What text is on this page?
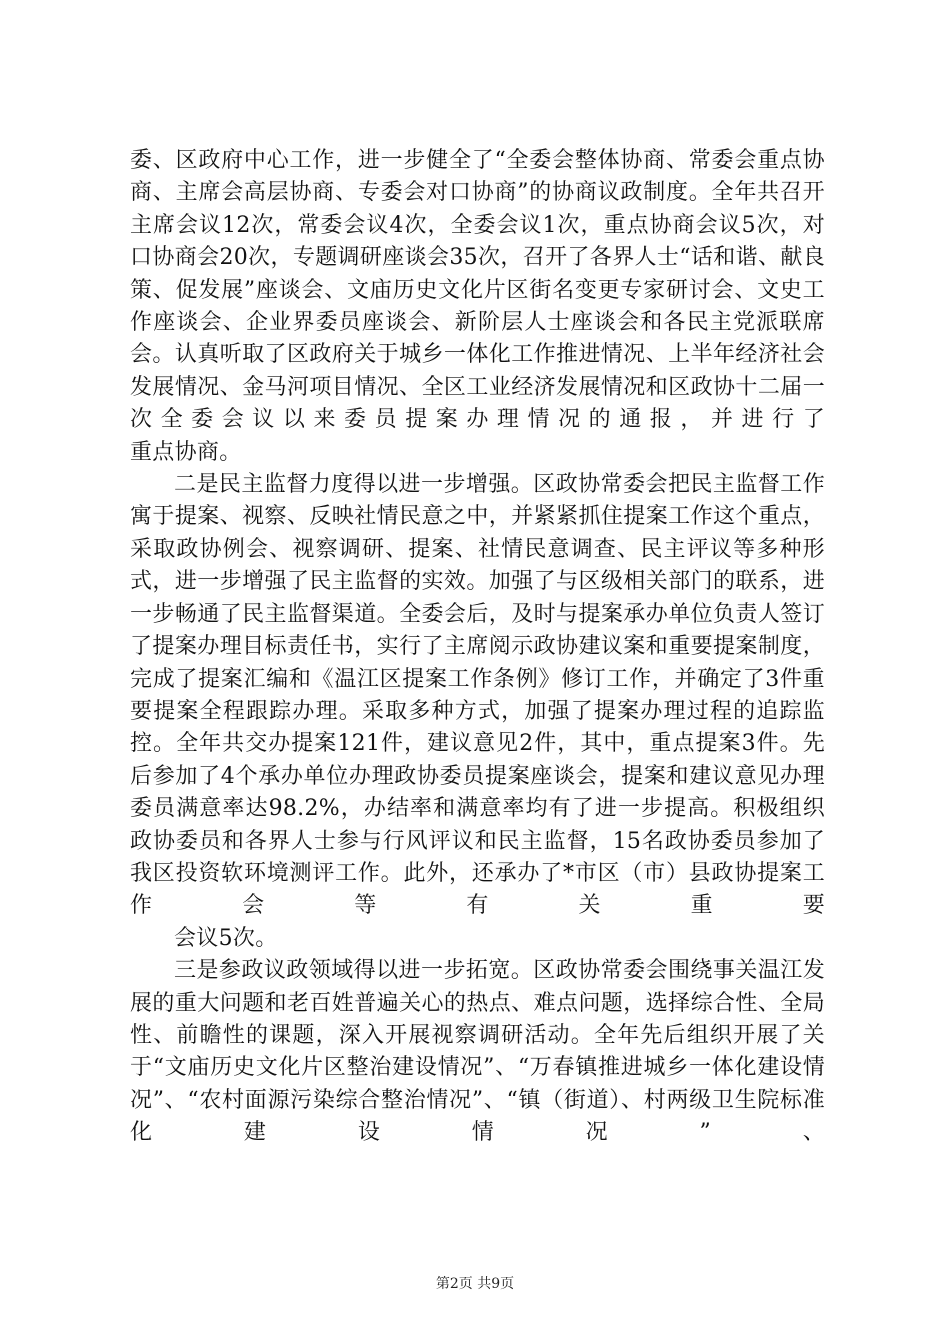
委、区政府中心工作，进一步健全了“全委会整体协商、常委会重点协商、主席会高层协商、专委会对口协商”的协商议政制度。全年共召开主席会议12次，常委会议4次，全委会议1次，重点协商会议5次，对口协商会20次，专题调研座谈会35次，召开了各界人士“话和谐、献良策、促发展”座谈会、文庙历史文化片区街名变更专家研讨会、文史工作座谈会、企业界委员座谈会、新阶层人士座谈会和各民主党派联席会。认真听取了区政府关于城乡一体化工作推进情况、上半年经济社会发展情况、金马河项目情况、全区工业经济发展情况和区政协十二届一次全委会议以来委员提案办理情况的通报，并进行了
重点协商。

二是民主监督力度得以进一步增强。区政协常委会把民主监督工作寓于提案、视察、反映社情民意之中，并紧紧抓住提案工作这个重点，采取政协例会、视察调研、提案、社情民意调查、民主评议等多种形式，进一步增强了民主监督的实效。加强了与区级相关部门的联系，进一步畅通了民主监督渠道。全委会后，及时与提案承办单位负责人签订了提案办理目标责任书，实行了主席阅示政协建议案和重要提案制度，完成了提案汇编和《温江区提案工作条例》修订工作，并确定了3件重要提案全程跟踪办理。采取多种方式，加强了提案办理过程的追踪监控。全年共交办提案121件，建议意见2件，其中，重点提案3件。先后参加了4个承办单位办理政协委员提案座谈会，提案和建议意见办理委员满意率达98.2%，办结率和满意率均有了进一步提高。积极组织政协委员和各界人士参与行风评议和民主监督，15名政协委员参加了我区投资软环境测评工作。此外，还承办了*市区（市）县政协提案工作会等有关重要
会议5次。

三是参政议政领域得以进一步拓宽。区政协常委会围绕事关温江发展的重大问题和老百姓普遍关心的热点、难点问题，选择综合性、全局性、前瞻性的课题，深入开展视察调研活动。全年先后组织开展了关于“文庙历史文化片区整治建设情况”、“万春镇推进城乡一体化建设情况”、“农村面源污染综合整治情况”、“镇（街道）、村两级卫生院标准化建设情况”、

第2页 共9页
